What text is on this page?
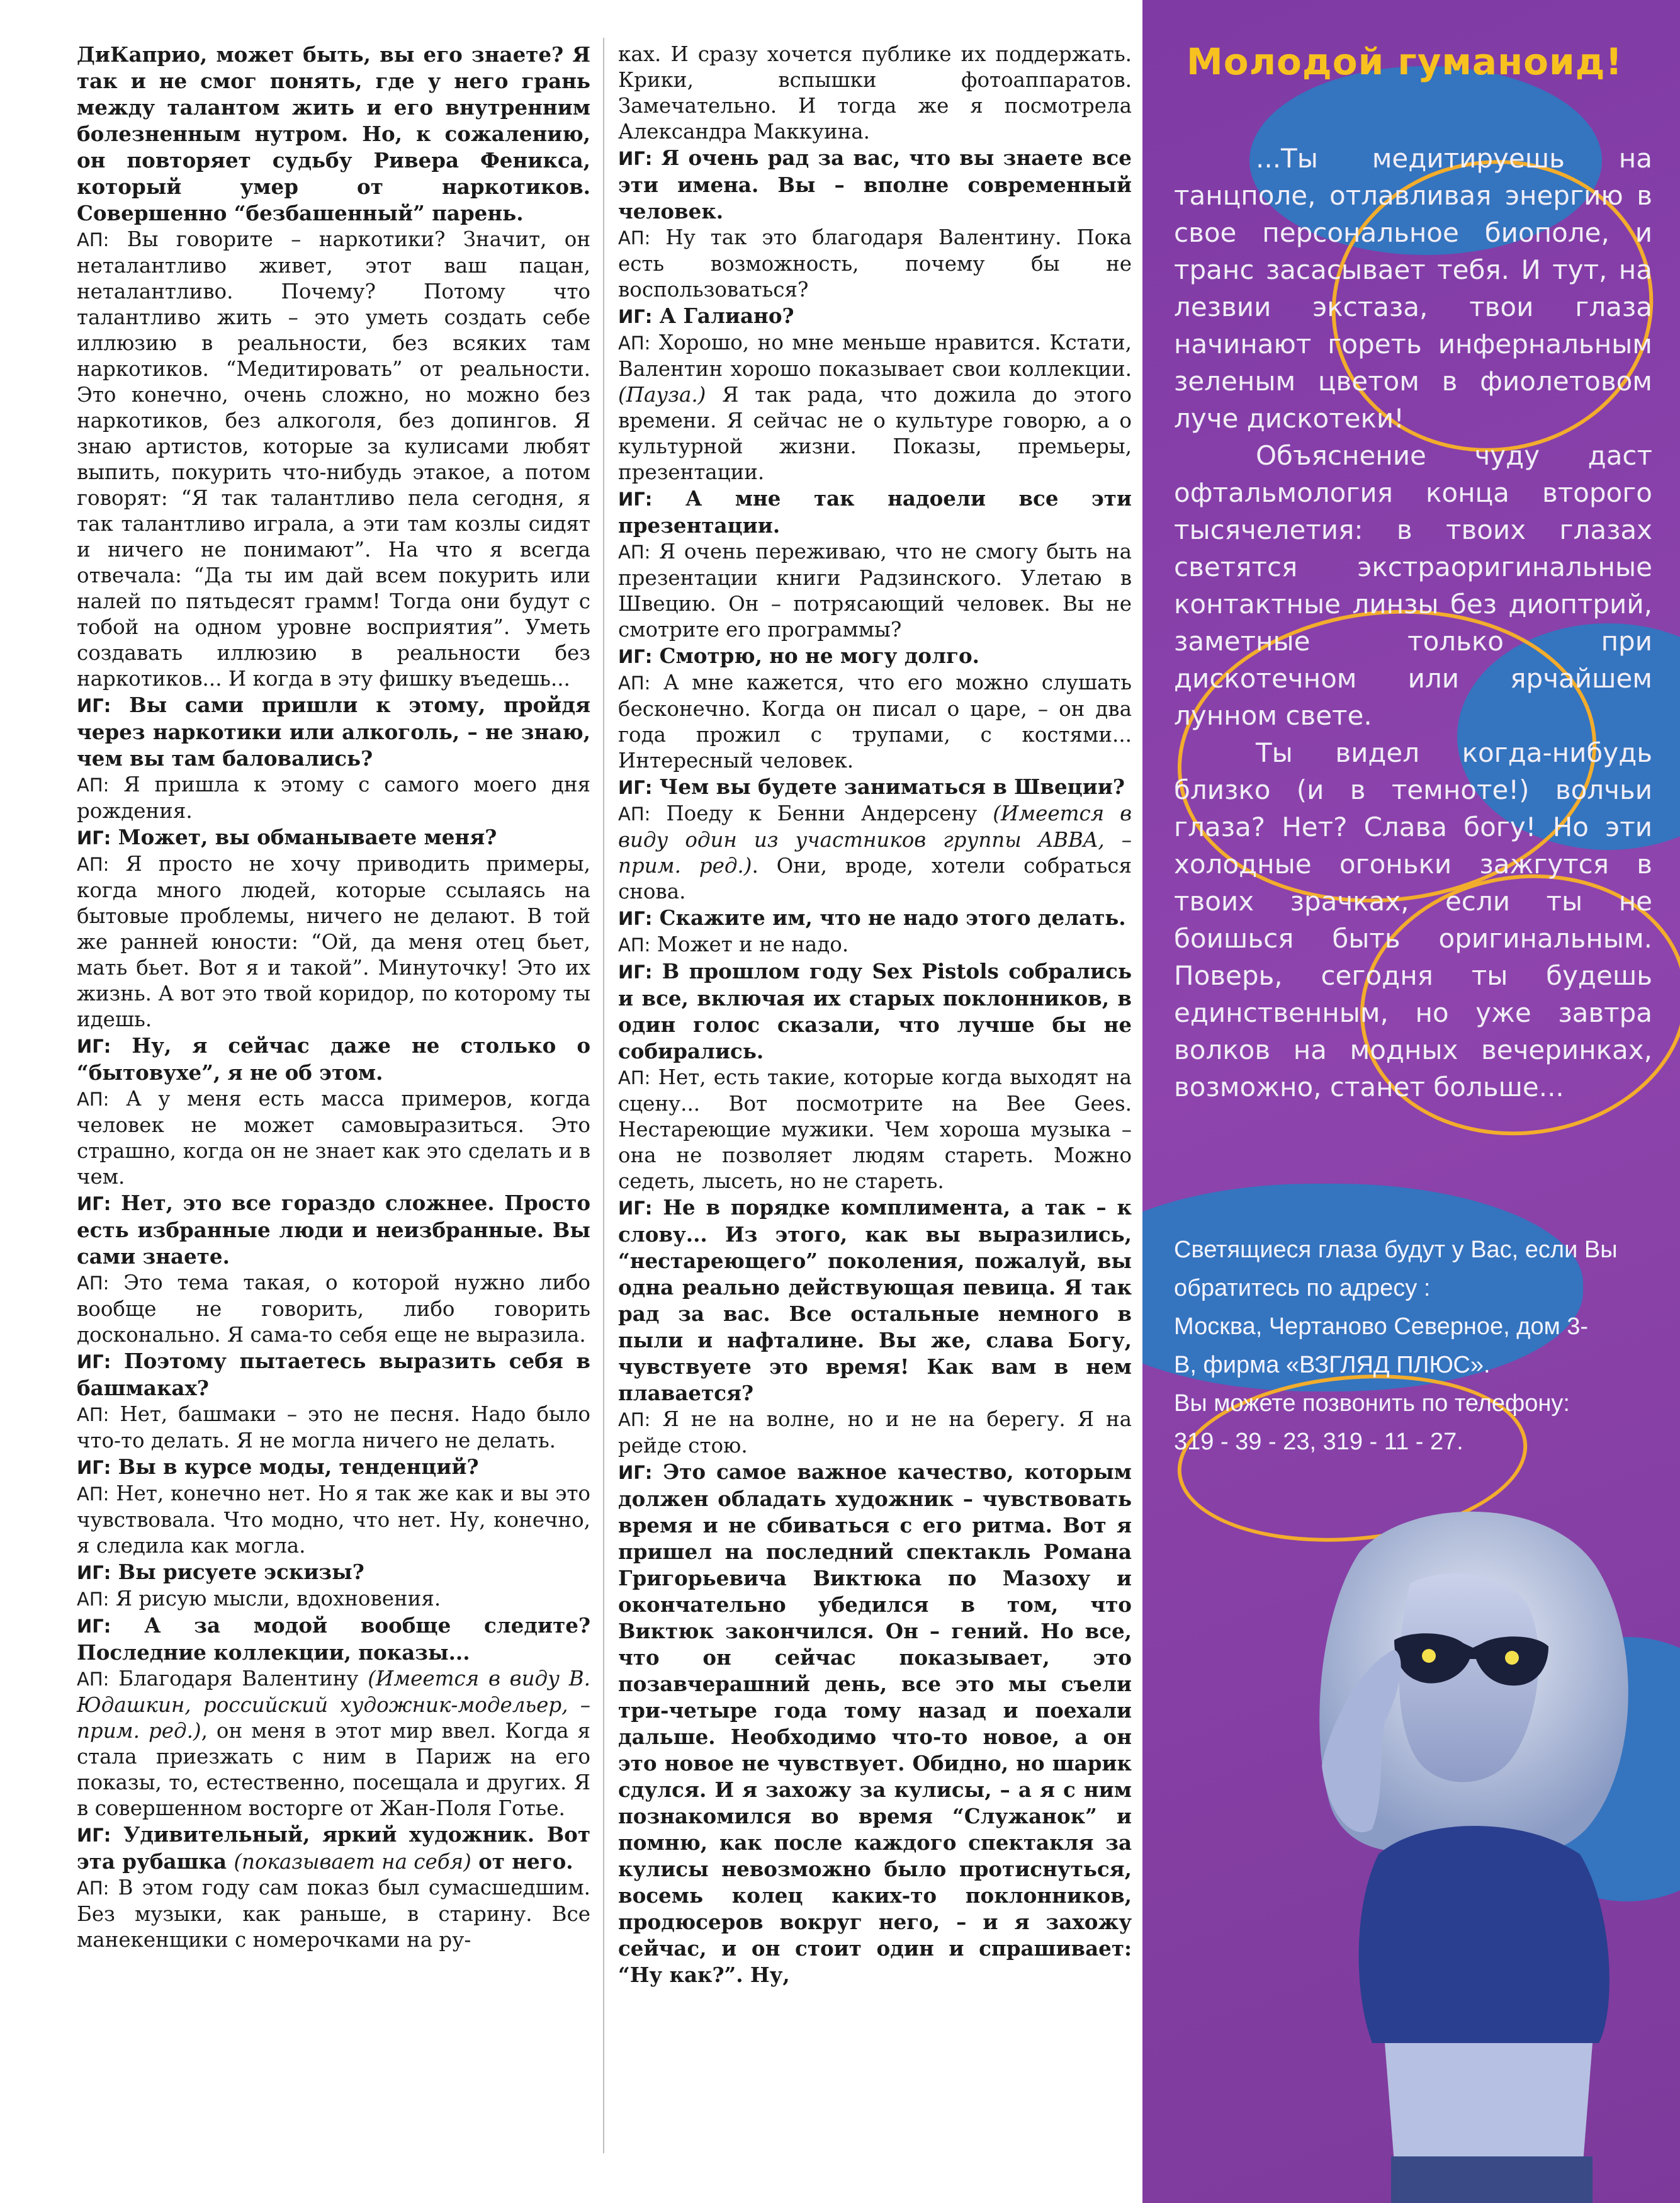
ДиКаприо, может быть, вы его знаете? Я так и не смог понять, где у него грань между талантом жить и его внутренним болезненным нутром. Но, к сожалению, он повторяет судьбу Ривера Феникса, который умер от наркотиков. Совершенно “безбашенный” парень.

АП: Вы говорите – наркотики? Значит, он неталантливо живет, этот ваш пацан, неталантливо. Почему? Потому что талантливо жить – это уметь создать себе иллюзию в реальности, без всяких там наркотиков. “Медитировать” от реальности. Это конечно, очень сложно, но можно без наркотиков, без алкоголя, без допингов. Я знаю артистов, которые за кулисами любят выпить, покурить что-нибудь этакое, а потом говорят: “Я так талантливо пела сегодня, я так талантливо играла, а эти там козлы сидят и ничего не понимают”. На что я всегда отвечала: “Да ты им дай всем покурить или налей по пятьдесят грамм! Тогда они будут с тобой на одном уровне восприятия”. Уметь создавать иллюзию в реальности без наркотиков... И когда в эту фишку въедешь...

ИГ: Вы сами пришли к этому, пройдя через наркотики или алкоголь, – не знаю, чем вы там баловались?

АП: Я пришла к этому с самого моего дня рождения.

ИГ: Может, вы обманываете меня?

АП: Я просто не хочу приводить примеры, когда много людей, которые ссылаясь на бытовые проблемы, ничего не делают. В той же ранней юности: “Ой, да меня отец бьет, мать бьет. Вот я и такой”. Минуточку! Это их жизнь. А вот это твой коридор, по которому ты идешь.

ИГ: Ну, я сейчас даже не столько о “бытовухе”, я не об этом.

АП: А у меня есть масса примеров, когда человек не может самовыразиться. Это страшно, когда он не знает как это сделать и в чем.

ИГ: Нет, это все гораздо сложнее. Просто есть избранные люди и неизбранные. Вы сами знаете.

АП: Это тема такая, о которой нужно либо вообще не говорить, либо говорить досконально. Я сама-то себя еще не выразила.

ИГ: Поэтому пытаетесь выразить себя в башмаках?

АП: Нет, башмаки – это не песня. Надо было что-то делать. Я не могла ничего не делать.

ИГ: Вы в курсе моды, тенденций?

АП: Нет, конечно нет. Но я так же как и вы это чувствовала. Что модно, что нет. Ну, конечно, я следила как могла.

ИГ: Вы рисуете эскизы?

АП: Я рисую мысли, вдохновения.

ИГ: А за модой вообще следите? Последние коллекции, показы...

АП: Благодаря Валентину (Имеется в виду В. Юдашкин, российский художник-модельер, – прим. ред.), он меня в этот мир ввел. Когда я стала приезжать с ним в Париж на его показы, то, естественно, посещала и других. Я в совершенном восторге от Жан-Поля Готье.

ИГ: Удивительный, яркий художник. Вот эта рубашка (показывает на себя) от него.

АП: В этом году сам показ был сумасшедшим. Без музыки, как раньше, в старину. Все манекенщики с номерочками на ру-

ках. И сразу хочется публике их поддержать. Крики, вспышки фотоаппаратов. Замечательно. И тогда же я посмотрела Александра Маккуина.

ИГ: Я очень рад за вас, что вы знаете все эти имена. Вы – вполне современный человек.

АП: Ну так это благодаря Валентину. Пока есть возможность, почему бы не воспользоваться?

ИГ: А Галиано?

АП: Хорошо, но мне меньше нравится. Кстати, Валентин хорошо показывает свои коллекции. (Пауза.) Я так рада, что дожила до этого времени. Я сейчас не о культуре говорю, а о культурной жизни. Показы, премьеры, презентации.

ИГ: А мне так надоели все эти презентации.

АП: Я очень переживаю, что не смогу быть на презентации книги Радзинского. Улетаю в Швецию. Он – потрясающий человек. Вы не смотрите его программы?

ИГ: Смотрю, но не могу долго.

АП: А мне кажется, что его можно слушать бесконечно. Когда он писал о царе, – он два года прожил с трупами, с костями... Интересный человек.

ИГ: Чем вы будете заниматься в Швеции?

АП: Поеду к Бенни Андерсену (Имеется в виду один из участников группы ABBA, – прим. ред.). Они, вроде, хотели собраться снова.

ИГ: Скажите им, что не надо этого делать.

АП: Может и не надо.

ИГ: В прошлом году Sex Pistols собрались и все, включая их старых поклонников, в один голос сказали, что лучше бы не собирались.

АП: Нет, есть такие, которые когда выходят на сцену... Вот посмотрите на Bee Gees. Нестареющие мужики. Чем хороша музыка – она не позволяет людям стареть. Можно седеть, лысеть, но не стареть.

ИГ: Не в порядке комплимента, а так – к слову... Из этого, как вы выразились, “нестареющего” поколения, пожалуй, вы одна реально действующая певица. Я так рад за вас. Все остальные немного в пыли и нафталине. Вы же, слава Богу, чувствуете это время! Как вам в нем плавается?

АП: Я не на волне, но и не на берегу. Я на рейде стою.

ИГ: Это самое важное качество, которым должен обладать художник – чувствовать время и не сбиваться с его ритма. Вот я пришел на последний спектакль Романа Григорьевича Виктюка по Мазоху и окончательно убедился в том, что Виктюк закончился. Он – гений. Но все, что он сейчас показывает, это позавчерашний день, все это мы съели три-четыре года тому назад и поехали дальше. Необходимо что-то новое, а он это новое не чувствует. Обидно, но шарик сдулся. И я захожу за кулисы, – а я с ним познакомился во время “Служанок” и помню, как после каждого спектакля за кулисы невозможно было протиснуться, восемь колец каких-то поклонников, продюсеров вокруг него, – и я захожу сейчас, и он стоит один и спрашивает: “Ну как?”. Ну,

Молодой гуманоид!

...Ты медитируешь на танцполе, отлавливая энергию в свое персональное биополе, и транс засасывает тебя. И тут, на лезвии экстаза, твои глаза начинают гореть инфернальным зеленым цветом в фиолетовом луче дискотеки!

Объяснение чуду даст офтальмология конца второго тысячелетия: в твоих глазах светятся экстраоригинальные контактные линзы без диоптрий, заметные только при дискотечном или ярчайшем лунном свете.

Ты видел когда-нибудь близко (и в темноте!) волчьи глаза? Нет? Слава богу! Но эти холодные огоньки зажгутся в твоих зрачках, если ты не боишься быть оригинальным. Поверь, сегодня ты будешь единственным, но уже завтра волков на модных вечеринках, возможно, станет больше...

Светящиеся глаза будут у Вас, если Вы
обратитесь по адресу :
Москва, Чертаново Северное, дом 3-
В, фирма «ВЗГЛЯД ПЛЮС».
Вы можете позвонить по телефону:
319 - 39 - 23, 319 - 11 - 27.
